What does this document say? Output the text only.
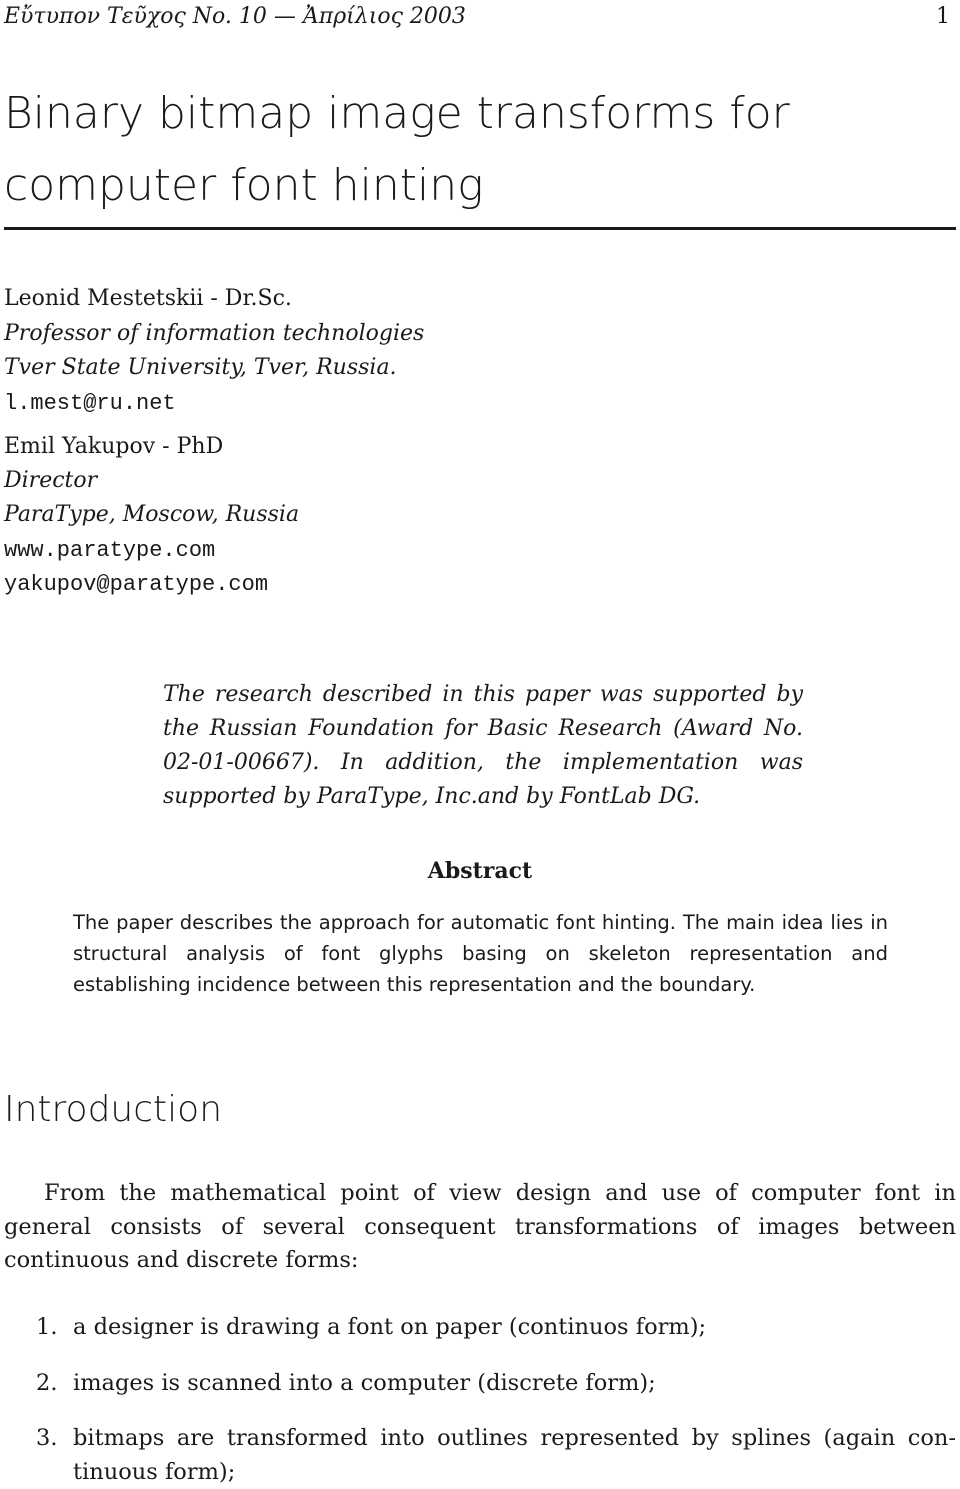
Εὔτυπον Τεῦχος No. 10 — Ἀπρίλιος 2003	1
Binary bitmap image transforms for
computer font hinting
Leonid Mestetskii - Dr.Sc.
Professor of information technologies
Tver State University, Tver, Russia.
l.mest@ru.net
Emil Yakupov - PhD
Director
ParaType, Moscow, Russia
www.paratype.com
yakupov@paratype.com

The research described in this paper was supported by the Russian Foundation for Basic Research (Award No. 02-01-00667). In addition, the implementation was supported by ParaType, Inc.and by FontLab DG.

Abstract

The paper describes the approach for automatic font hinting. The main idea lies in structural analysis of font glyphs basing on skeleton representation and establishing incidence between this representation and the boundary.

Introduction

From the mathematical point of view design and use of computer font in general consists of several consequent transformations of images between continuous and discrete forms:

1. a designer is drawing a font on paper (continuos form);
2. images is scanned into a computer (discrete form);
3. bitmaps are transformed into outlines represented by splines (again continuous form);
